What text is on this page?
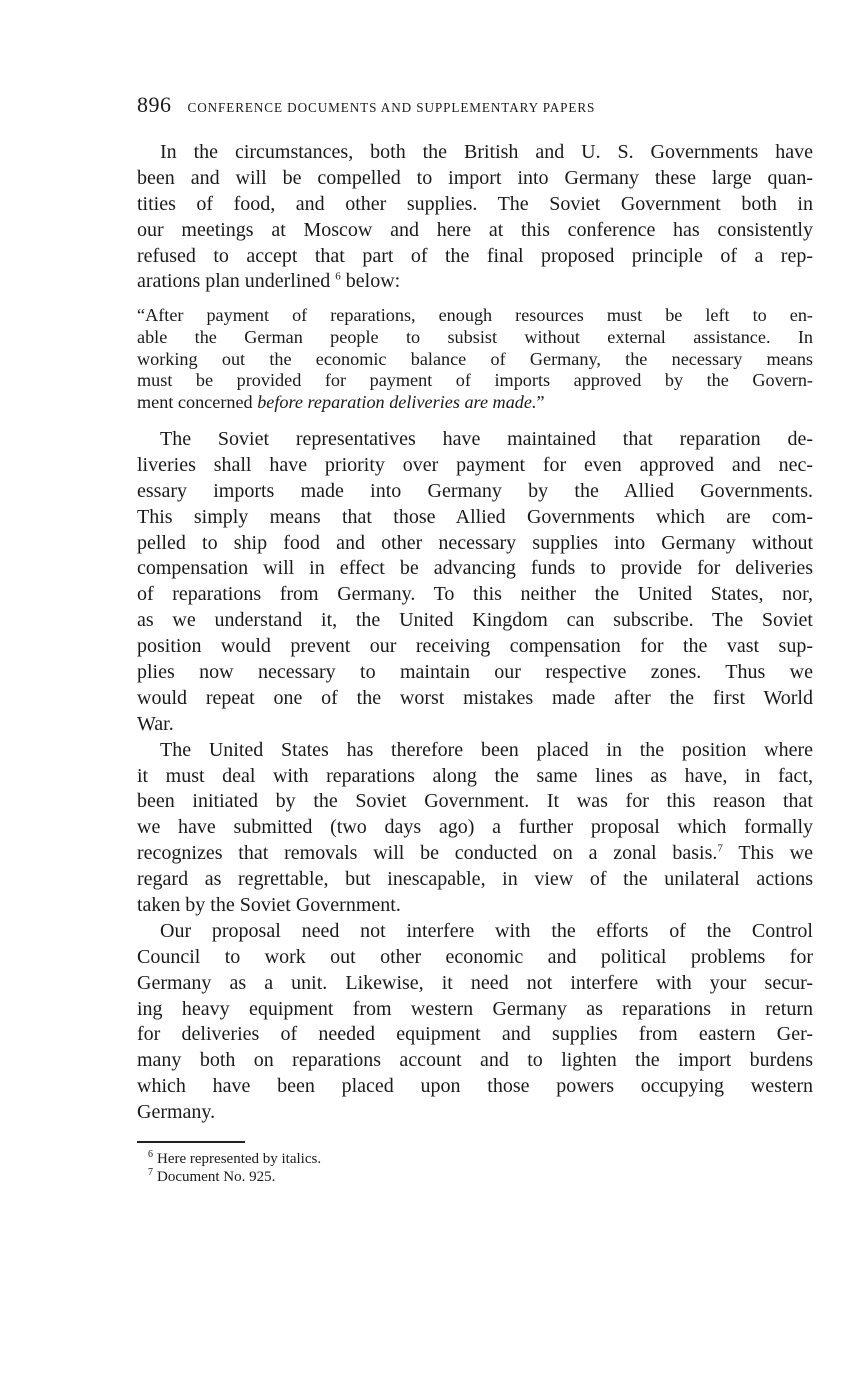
896 CONFERENCE DOCUMENTS AND SUPPLEMENTARY PAPERS
In the circumstances, both the British and U. S. Governments have
been and will be compelled to import into Germany these large quan-
tities of food, and other supplies. The Soviet Government both in
our meetings at Moscow and here at this conference has consistently
refused to accept that part of the final proposed principle of a rep-
arations plan underlined $^6$ below:
“After payment of reparations, enough resources must be left to en-
able the German people to subsist without external assistance. In
working out the economic balance of Germany, the necessary means
must be provided for payment of imports approved by the Govern-
ment concerned before reparation deliveries are made.”
The Soviet representatives have maintained that reparation de-
liveries shall have priority over payment for even approved and nec-
essary imports made into Germany by the Allied Governments.
This simply means that those Allied Governments which are com-
pelled to ship food and other necessary supplies into Germany without
compensation will in effect be advancing funds to provide for deliveries
of reparations from Germany. To this neither the United States, nor,
as we understand it, the United Kingdom can subscribe. The Soviet
position would prevent our receiving compensation for the vast sup-
plies now necessary to maintain our respective zones. Thus we
would repeat one of the worst mistakes made after the first World
War.
The United States has therefore been placed in the position where
it must deal with reparations along the same lines as have, in fact,
been initiated by the Soviet Government. It was for this reason that
we have submitted (two days ago) a further proposal which formally
recognizes that removals will be conducted on a zonal basis.$^7$ This we
regard as regrettable, but inescapable, in view of the unilateral actions
taken by the Soviet Government.
Our proposal need not interfere with the efforts of the Control
Council to work out other economic and political problems for
Germany as a unit. Likewise, it need not interfere with your secur-
ing heavy equipment from western Germany as reparations in return
for deliveries of needed equipment and supplies from eastern Ger-
many both on reparations account and to lighten the import burdens
which have been placed upon those powers occupying western
Germany.
$^6$ Here represented by italics.
$^7$ Document No. 925.
